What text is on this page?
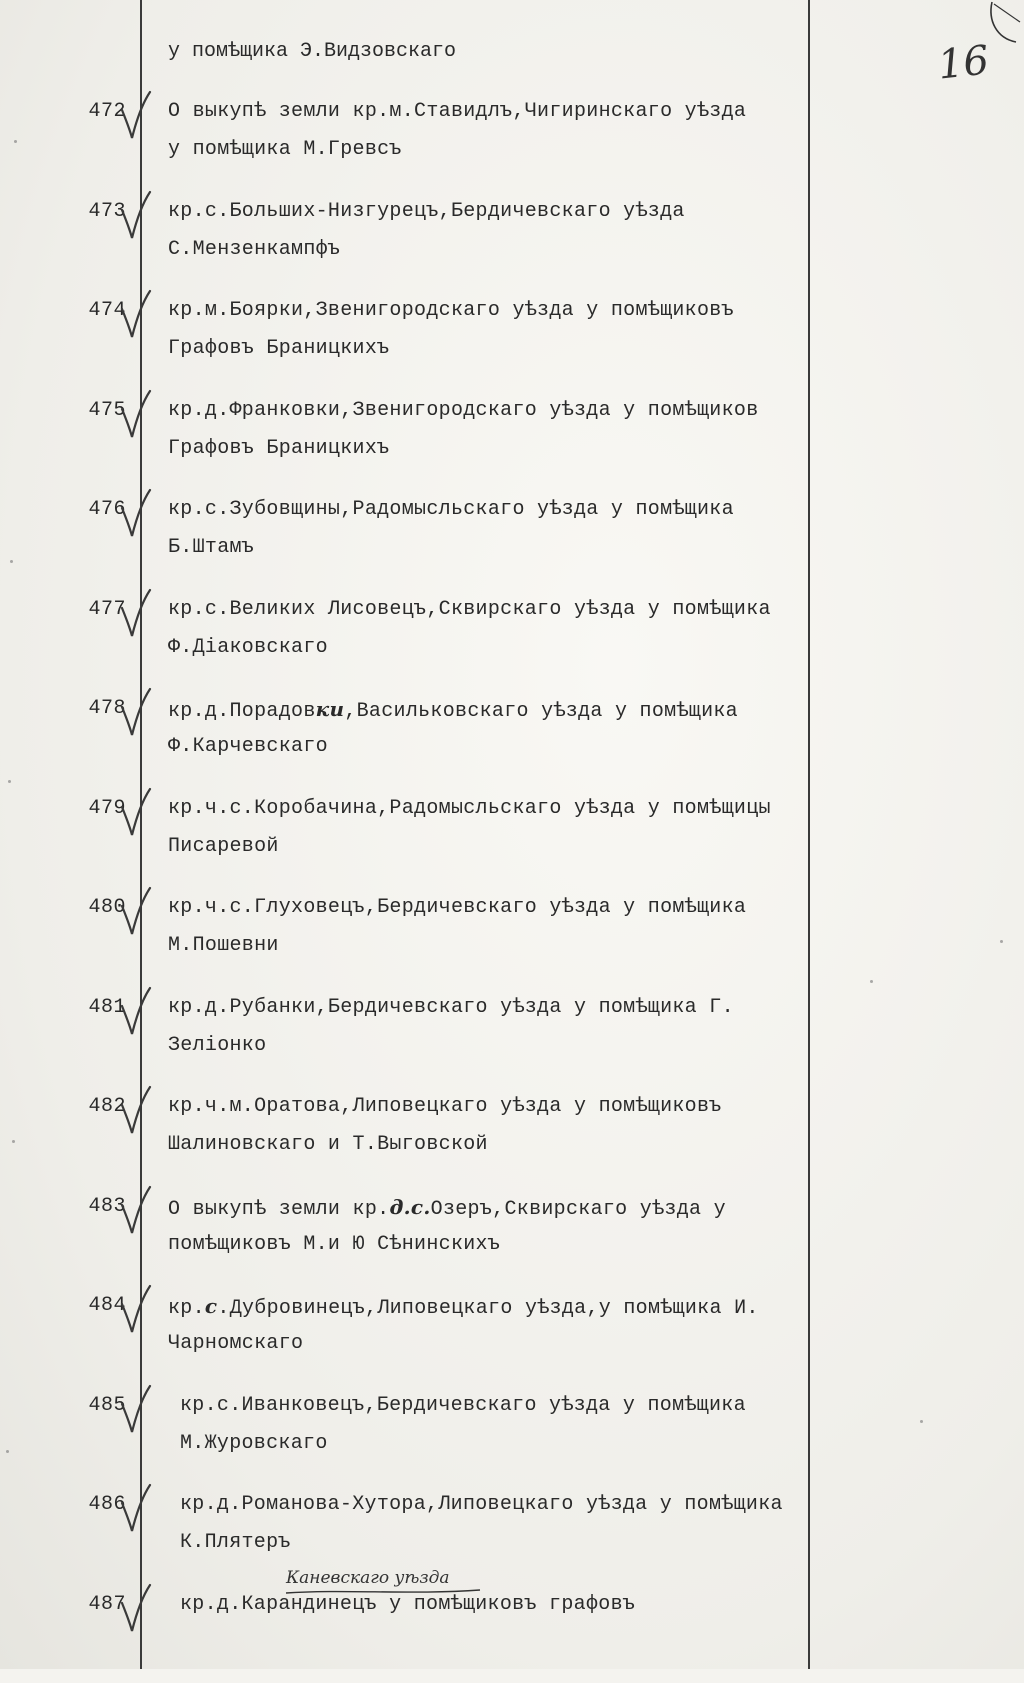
16
у помѣщика Э.Видзовскаго
472 О выкупѣ земли кр.м.Ставидлъ,Чигиринскаго уѣзда
у помѣщика М.Гревсъ
473 кр.с.Больших-Низгурецъ,Бердичевскаго уѣзда
С.Мензенкампфъ
474 кр.м.Боярки,Звенигородскаго уѣзда у помѣщиковъ
Графовъ Браницкихъ
475 кр.д.Франковки,Звенигородскаго уѣзда у помѣщиков
Графовъ Браницкихъ
476 кр.с.Зубовщины,Радомысльскаго уѣзда у помѣщика
Б.Штамъ
477 кр.с.Великих Лисовецъ,Сквирскаго уѣзда у помѣщика
Ф.Діаковскаго
478 кр.д.Порадовки,Васильковскаго уѣзда у помѣщика
Ф.Карчевскаго
479 кр.ч.с.Коробачина,Радомысльскаго уѣзда у помѣщицы
Писаревой
480 кр.ч.с.Глуховецъ,Бердичевскаго уѣзда у помѣщика
М.Пошевни
481 кр.д.Рубанки,Бердичевскаго уѣзда у помѣщика Г.
Зеліонко
482 кр.ч.м.Оратова,Липовецкаго уѣзда у помѣщиковъ
Шалиновскаго и Т.Выговской
483 О выкупѣ земли кр.д.с.Озеръ,Сквирскаго уѣзда у
помѣщиковъ М.и Ю Сѣнинскихъ
484 кр.с.Дубровинецъ,Липовецкаго уѣзда,у помѣщика И.
Чарномскаго
485	кр.с.Иванковецъ,Бердичевскаго уѣзда у помѣщика
М.Журовскаго
486	кр.д.Романова-Хутора,Липовецкаго уѣзда у помѣщика
К.Плятеръ
487	кр.д.Карандинецъ у помѣщиковъ графовъ
Каневскаго уѣзда
